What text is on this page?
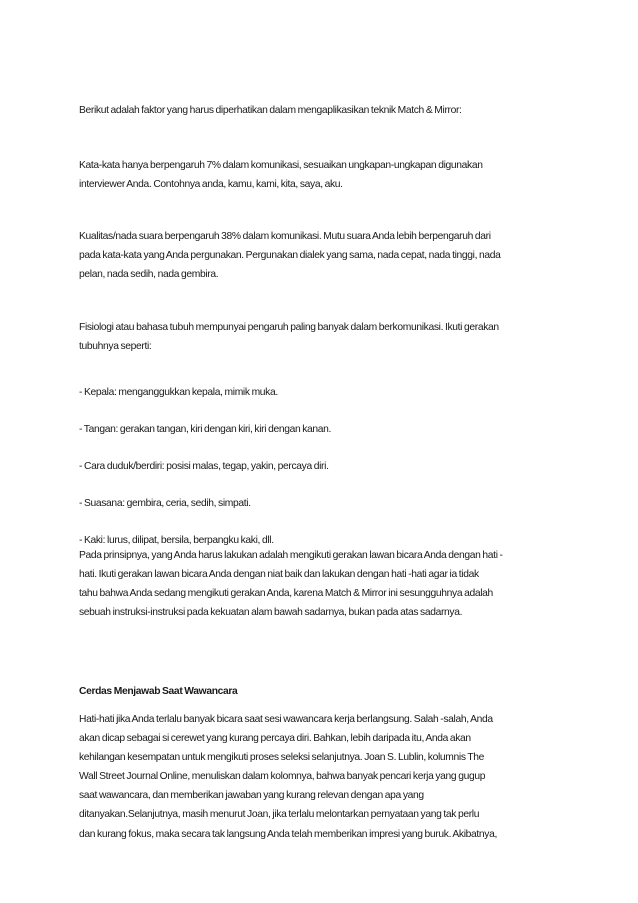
Berikut adalah faktor yang harus diperhatikan dalam mengaplikasikan teknik Match & Mirror:

Kata-kata hanya berpengaruh 7% dalam komunikasi, sesuaikan ungkapan-ungkapan digunakan
interviewer Anda. Contohnya anda, kamu, kami, kita, saya, aku.

Kualitas/nada suara berpengaruh 38% dalam komunikasi. Mutu suara Anda lebih berpengaruh dari
pada kata-kata yang Anda pergunakan. Pergunakan dialek yang sama, nada cepat, nada tinggi, nada
pelan, nada sedih, nada gembira.

Fisiologi atau bahasa tubuh mempunyai pengaruh paling banyak dalam berkomunikasi. Ikuti gerakan
tubuhnya seperti:

- Kepala: menganggukkan kepala, mimik muka.
- Tangan: gerakan tangan, kiri dengan kiri, kiri dengan kanan.
- Cara duduk/berdiri: posisi malas, tegap, yakin, percaya diri.
- Suasana: gembira, ceria, sedih, simpati.
- Kaki: lurus, dilipat, bersila, berpangku kaki, dll.

Pada prinsipnya, yang Anda harus lakukan adalah mengikuti gerakan lawan bicara Anda dengan hati -
hati. Ikuti gerakan lawan bicara Anda dengan niat baik dan lakukan dengan hati -hati agar ia tidak
tahu bahwa Anda sedang mengikuti gerakan Anda, karena Match & Mirror ini sesungguhnya adalah
sebuah instruksi-instruksi pada kekuatan alam bawah sadarnya, bukan pada atas sadarnya.

Cerdas Menjawab Saat Wawancara

Hati-hati jika Anda terlalu banyak bicara saat sesi wawancara kerja berlangsung. Salah -salah, Anda
akan dicap sebagai si cerewet yang kurang percaya diri. Bahkan, lebih daripada itu, Anda akan
kehilangan kesempatan untuk mengikuti proses seleksi selanjutnya. Joan S. Lublin, kolumnis The
Wall Street Journal Online, menuliskan dalam kolomnya, bahwa banyak pencari kerja yang gugup
saat wawancara, dan memberikan jawaban yang kurang relevan dengan apa yang
ditanyakan.Selanjutnya, masih menurut Joan, jika terlalu melontarkan pernyataan yang tak perlu
dan kurang fokus, maka secara tak langsung Anda telah memberikan impresi yang buruk. Akibatnya,
